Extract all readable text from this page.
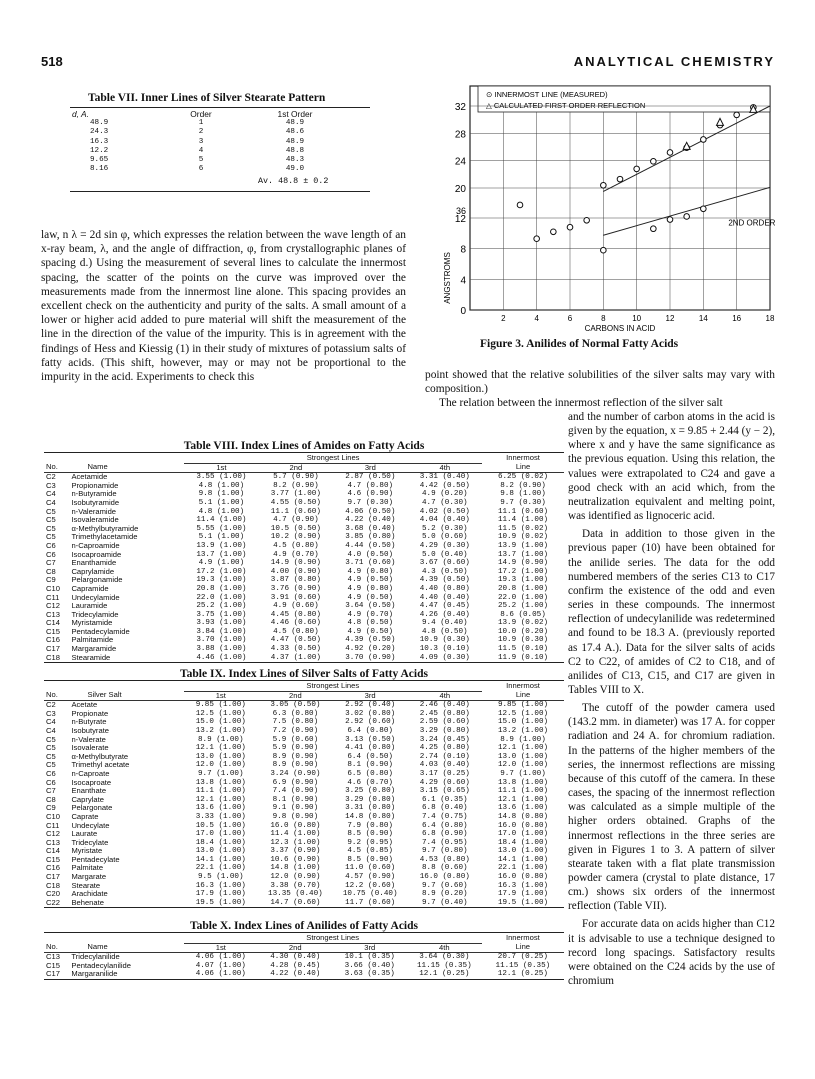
518	ANALYTICAL CHEMISTRY
Table VII. Inner Lines of Silver Stearate Pattern
d, A.	Order	1st Order
48.9	1	48.9
24.3	2	48.6
16.3	3	48.9
12.2	4	48.8
9.65	5	48.3
8.16	6	49.0
Av. 48.8 ± 0.2
⊙ INNERMOST LINE (MEASURED)
△ CALCULATED FIRST ORDER REFLECTION
20
24
28
32
0
4
8
12
36
2	4	6	8	10	12	14	16	18
CARBONS IN ACID
ANGSTROMS
2ND ORDER
Figure 3. Anilides of Normal Fatty Acids

law, n λ = 2d sin φ, which expresses the relation between the wave length of an x-ray beam, λ, and the angle of diffraction, φ, from crystallographic planes of spacing d.) Using the measurement of several lines to calculate the innermost spacing, the scatter of the points on the curve was improved over the measurements made from the innermost line alone. This spacing provides an excellent check on the authenticity and purity of the salts. A small amount of a lower or higher acid added to pure material will shift the measurement of the line in the direction of the value of the impurity. This is in agreement with the findings of Hess and Kiessig (1) in their study of mixtures of potassium salts of fatty acids. (This shift, however, may or may not be proportional to the impurity in the acid. Experiments to check this	point showed that the relative solubilities of the silver salts may vary with composition.)

The relation between the innermost reflection of the silver salt

and the number of carbon atoms in the acid is given by the equation, x = 9.85 + 2.44 (y − 2), where x and y have the same significance as the previous equation. Using this relation, the values were extrapolated to C24 and gave a good check with an acid which, from the neutralization equivalent and melting point, was identified as lignoceric acid.

Data in addition to those given in the previous paper (10) have been obtained for the anilide series. The data for the odd numbered members of the series C13 to C17 confirm the existence of the odd and even series in these compounds. The innermost reflection of undecylanilide was redetermined and found to be 18.3 A. (previously reported as 17.4 A.). Data for the silver salts of acids C2 to C22, of amides of C2 to C18, and of anilides of C13, C15, and C17 are given in Tables VIII to X.

The cutoff of the powder camera used (143.2 mm. in diameter) was 17 A. for copper radiation and 24 A. for chromium radiation. In the patterns of the higher members of the series, the innermost reflections are missing because of this cutoff of the camera. In these cases, the spacing of the innermost reflection was calculated as a simple multiple of the higher orders obtained. Graphs of the innermost reflections in the three series are given in Figures 1 to 3. A pattern of silver stearate taken with a flat plate transmission powder camera (crystal to plate distance, 17 cm.) shows six orders of the innermost reflection (Table VII).

For accurate data on acids higher than C12 it is advisable to use a technique designed to record long spacings. Satisfactory results were obtained on the C24 acids by the use of chromium

Table VIII. Index Lines of Amides on Fatty Acids

		Strongest Lines				Innermost
No.	Name	1st	2nd	3rd	4th	Line
C2	Acetamide	3.55 (1.00)	5.7 (0.90)	2.87 (0.50)	3.31 (0.40)	6.25 (0.02)
C3	Propionamide	4.8 (1.00)	8.2 (0.90)	4.7 (0.80)	4.42 (0.50)	8.2 (0.90)
C4	n-Butyramide	9.8 (1.00)	3.77 (1.00)	4.6 (0.90)	4.9 (0.20)	9.8 (1.00)
C4	Isobutyramide	5.1 (1.00)	4.55 (0.50)	9.7 (0.30)	4.7 (0.30)	9.7 (0.30)
C5	n-Valeramide	4.8 (1.00)	11.1 (0.60)	4.06 (0.50)	4.02 (0.50)	11.1 (0.60)
C5	Isovaleramide	11.4 (1.00)	4.7 (0.90)	4.22 (0.40)	4.04 (0.40)	11.4 (1.00)
C5	α-Methylbutyramide	5.55 (1.00)	10.5 (0.50)	3.68 (0.40)	5.2 (0.30)	11.5 (0.02)
C5	Trimethylacetamide	5.1 (1.00)	10.2 (0.90)	3.85 (0.80)	5.0 (0.60)	10.9 (0.02)
C6	n-Caproamide	13.9 (1.00)	4.5 (0.80)	4.44 (0.50)	4.29 (0.30)	13.9 (1.00)
C6	Isocaproamide	13.7 (1.00)	4.9 (0.70)	4.0 (0.50)	5.0 (0.40)	13.7 (1.00)
C7	Enanthamide	4.9 (1.00)	14.9 (0.90)	3.71 (0.60)	3.67 (0.60)	14.9 (0.90)
C8	Caprylamide	17.2 (1.00)	4.00 (0.90)	4.9 (0.80)	4.3 (0.50)	17.2 (1.00)
C9	Pelargonamide	19.3 (1.00)	3.87 (0.80)	4.9 (0.50)	4.39 (0.50)	19.3 (1.00)
C10	Capramide	20.8 (1.00)	3.76 (0.90)	4.9 (0.80)	4.40 (0.80)	20.8 (1.00)
C11	Undecylamide	22.0 (1.00)	3.91 (0.60)	4.9 (0.50)	4.40 (0.40)	22.0 (1.00)
C12	Lauramide	25.2 (1.00)	4.9 (0.60)	3.64 (0.50)	4.47 (0.45)	25.2 (1.00)
C13	Tridecylamide	3.75 (1.00)	4.45 (0.80)	4.9 (0.70)	4.26 (0.40)	8.6 (0.05)
C14	Myristamide	3.93 (1.00)	4.46 (0.60)	4.8 (0.50)	9.4 (0.40)	13.9 (0.02)
C15	Pentadecylamide	3.84 (1.00)	4.5 (0.80)	4.9 (0.50)	4.8 (0.50)	10.0 (0.20)
C16	Palmitamide	3.70 (1.00)	4.47 (0.50)	4.39 (0.50)	10.9 (0.30)	10.9 (0.30)
C17	Margaramide	3.88 (1.00)	4.33 (0.50)	4.92 (0.20)	10.3 (0.10)	11.5 (0.10)
C18	Stearamide	4.46 (1.00)	4.37 (1.00)	3.70 (0.90)	4.09 (0.30)	11.9 (0.10)

Table IX. Index Lines of Silver Salts of Fatty Acids

		Strongest Lines				Innermost
No.	Silver Salt	1st	2nd	3rd	4th	Line
C2	Acetate	9.85 (1.00)	3.05 (0.50)	2.92 (0.40)	2.46 (0.40)	9.85 (1.00)
C3	Propionate	12.5 (1.00)	6.3 (0.80)	3.02 (0.80)	2.45 (0.80)	12.5 (1.00)
C4	n-Butyrate	15.0 (1.00)	7.5 (0.80)	2.92 (0.60)	2.59 (0.60)	15.0 (1.00)
C4	Isobutyrate	13.2 (1.00)	7.2 (0.90)	6.4 (0.80)	3.29 (0.80)	13.2 (1.00)
C5	n-Valerate	8.9 (1.00)	5.9 (0.60)	3.13 (0.50)	3.24 (0.45)	8.9 (1.00)
C5	Isovalerate	12.1 (1.00)	5.9 (0.90)	4.41 (0.80)	4.25 (0.80)	12.1 (1.00)
C5	α-Methylbutyrate	13.0 (1.00)	8.9 (0.90)	6.4 (0.50)	2.74 (0.10)	13.0 (1.00)
C5	Trimethyl acetate	12.0 (1.00)	8.9 (0.90)	8.1 (0.90)	4.03 (0.40)	12.0 (1.00)
C6	n-Caproate	9.7 (1.00)	3.24 (0.90)	6.5 (0.80)	3.17 (0.25)	9.7 (1.00)
C6	Isocaproate	13.8 (1.00)	6.9 (0.90)	4.6 (0.70)	4.29 (0.60)	13.8 (1.00)
C7	Enanthate	11.1 (1.00)	7.4 (0.90)	3.25 (0.80)	3.15 (0.65)	11.1 (1.00)
C8	Caprylate	12.1 (1.00)	8.1 (0.90)	3.29 (0.80)	6.1 (0.35)	12.1 (1.00)
C9	Pelargonate	13.6 (1.00)	9.1 (0.90)	3.31 (0.80)	6.8 (0.40)	13.6 (1.00)
C10	Caprate	3.33 (1.00)	9.8 (0.90)	14.8 (0.80)	7.4 (0.75)	14.8 (0.80)
C11	Undecylate	10.5 (1.00)	16.0 (0.80)	7.9 (0.80)	6.4 (0.80)	16.0 (0.80)
C12	Laurate	17.0 (1.00)	11.4 (1.00)	8.5 (0.90)	6.8 (0.90)	17.0 (1.00)
C13	Tridecylate	18.4 (1.00)	12.3 (1.00)	9.2 (0.95)	7.4 (0.95)	18.4 (1.00)
C14	Myristate	13.0 (1.00)	3.37 (0.90)	4.5 (0.85)	9.7 (0.80)	13.0 (1.00)
C15	Pentadecylate	14.1 (1.00)	10.6 (0.90)	8.5 (0.90)	4.53 (0.80)	14.1 (1.00)
C16	Palmitate	22.1 (1.00)	14.8 (1.00)	11.0 (0.60)	8.8 (0.60)	22.1 (1.00)
C17	Margarate	9.5 (1.00)	12.0 (0.90)	4.57 (0.90)	16.0 (0.80)	16.0 (0.80)
C18	Stearate	16.3 (1.00)	3.38 (0.70)	12.2 (0.60)	9.7 (0.60)	16.3 (1.00)
C20	Arachidate	17.9 (1.00)	13.35 (0.40)	10.75 (0.40)	8.9 (0.20)	17.9 (1.00)
C22	Behenate	19.5 (1.00)	14.7 (0.60)	11.7 (0.60)	9.7 (0.40)	19.5 (1.00)

Table X. Index Lines of Anilides of Fatty Acids

		Strongest Lines				Innermost
No.	Name	1st	2nd	3rd	4th	Line
C13	Tridecylanilide	4.06 (1.00)	4.30 (0.40)	10.1 (0.35)	3.64 (0.30)	20.7 (0.25)
C15	Pentadecylanilide	4.07 (1.00)	4.28 (0.45)	3.66 (0.40)	11.15 (0.35)	11.15 (0.35)
C17	Margaranilide	4.06 (1.00)	4.22 (0.40)	3.63 (0.35)	12.1 (0.25)	12.1 (0.25)
